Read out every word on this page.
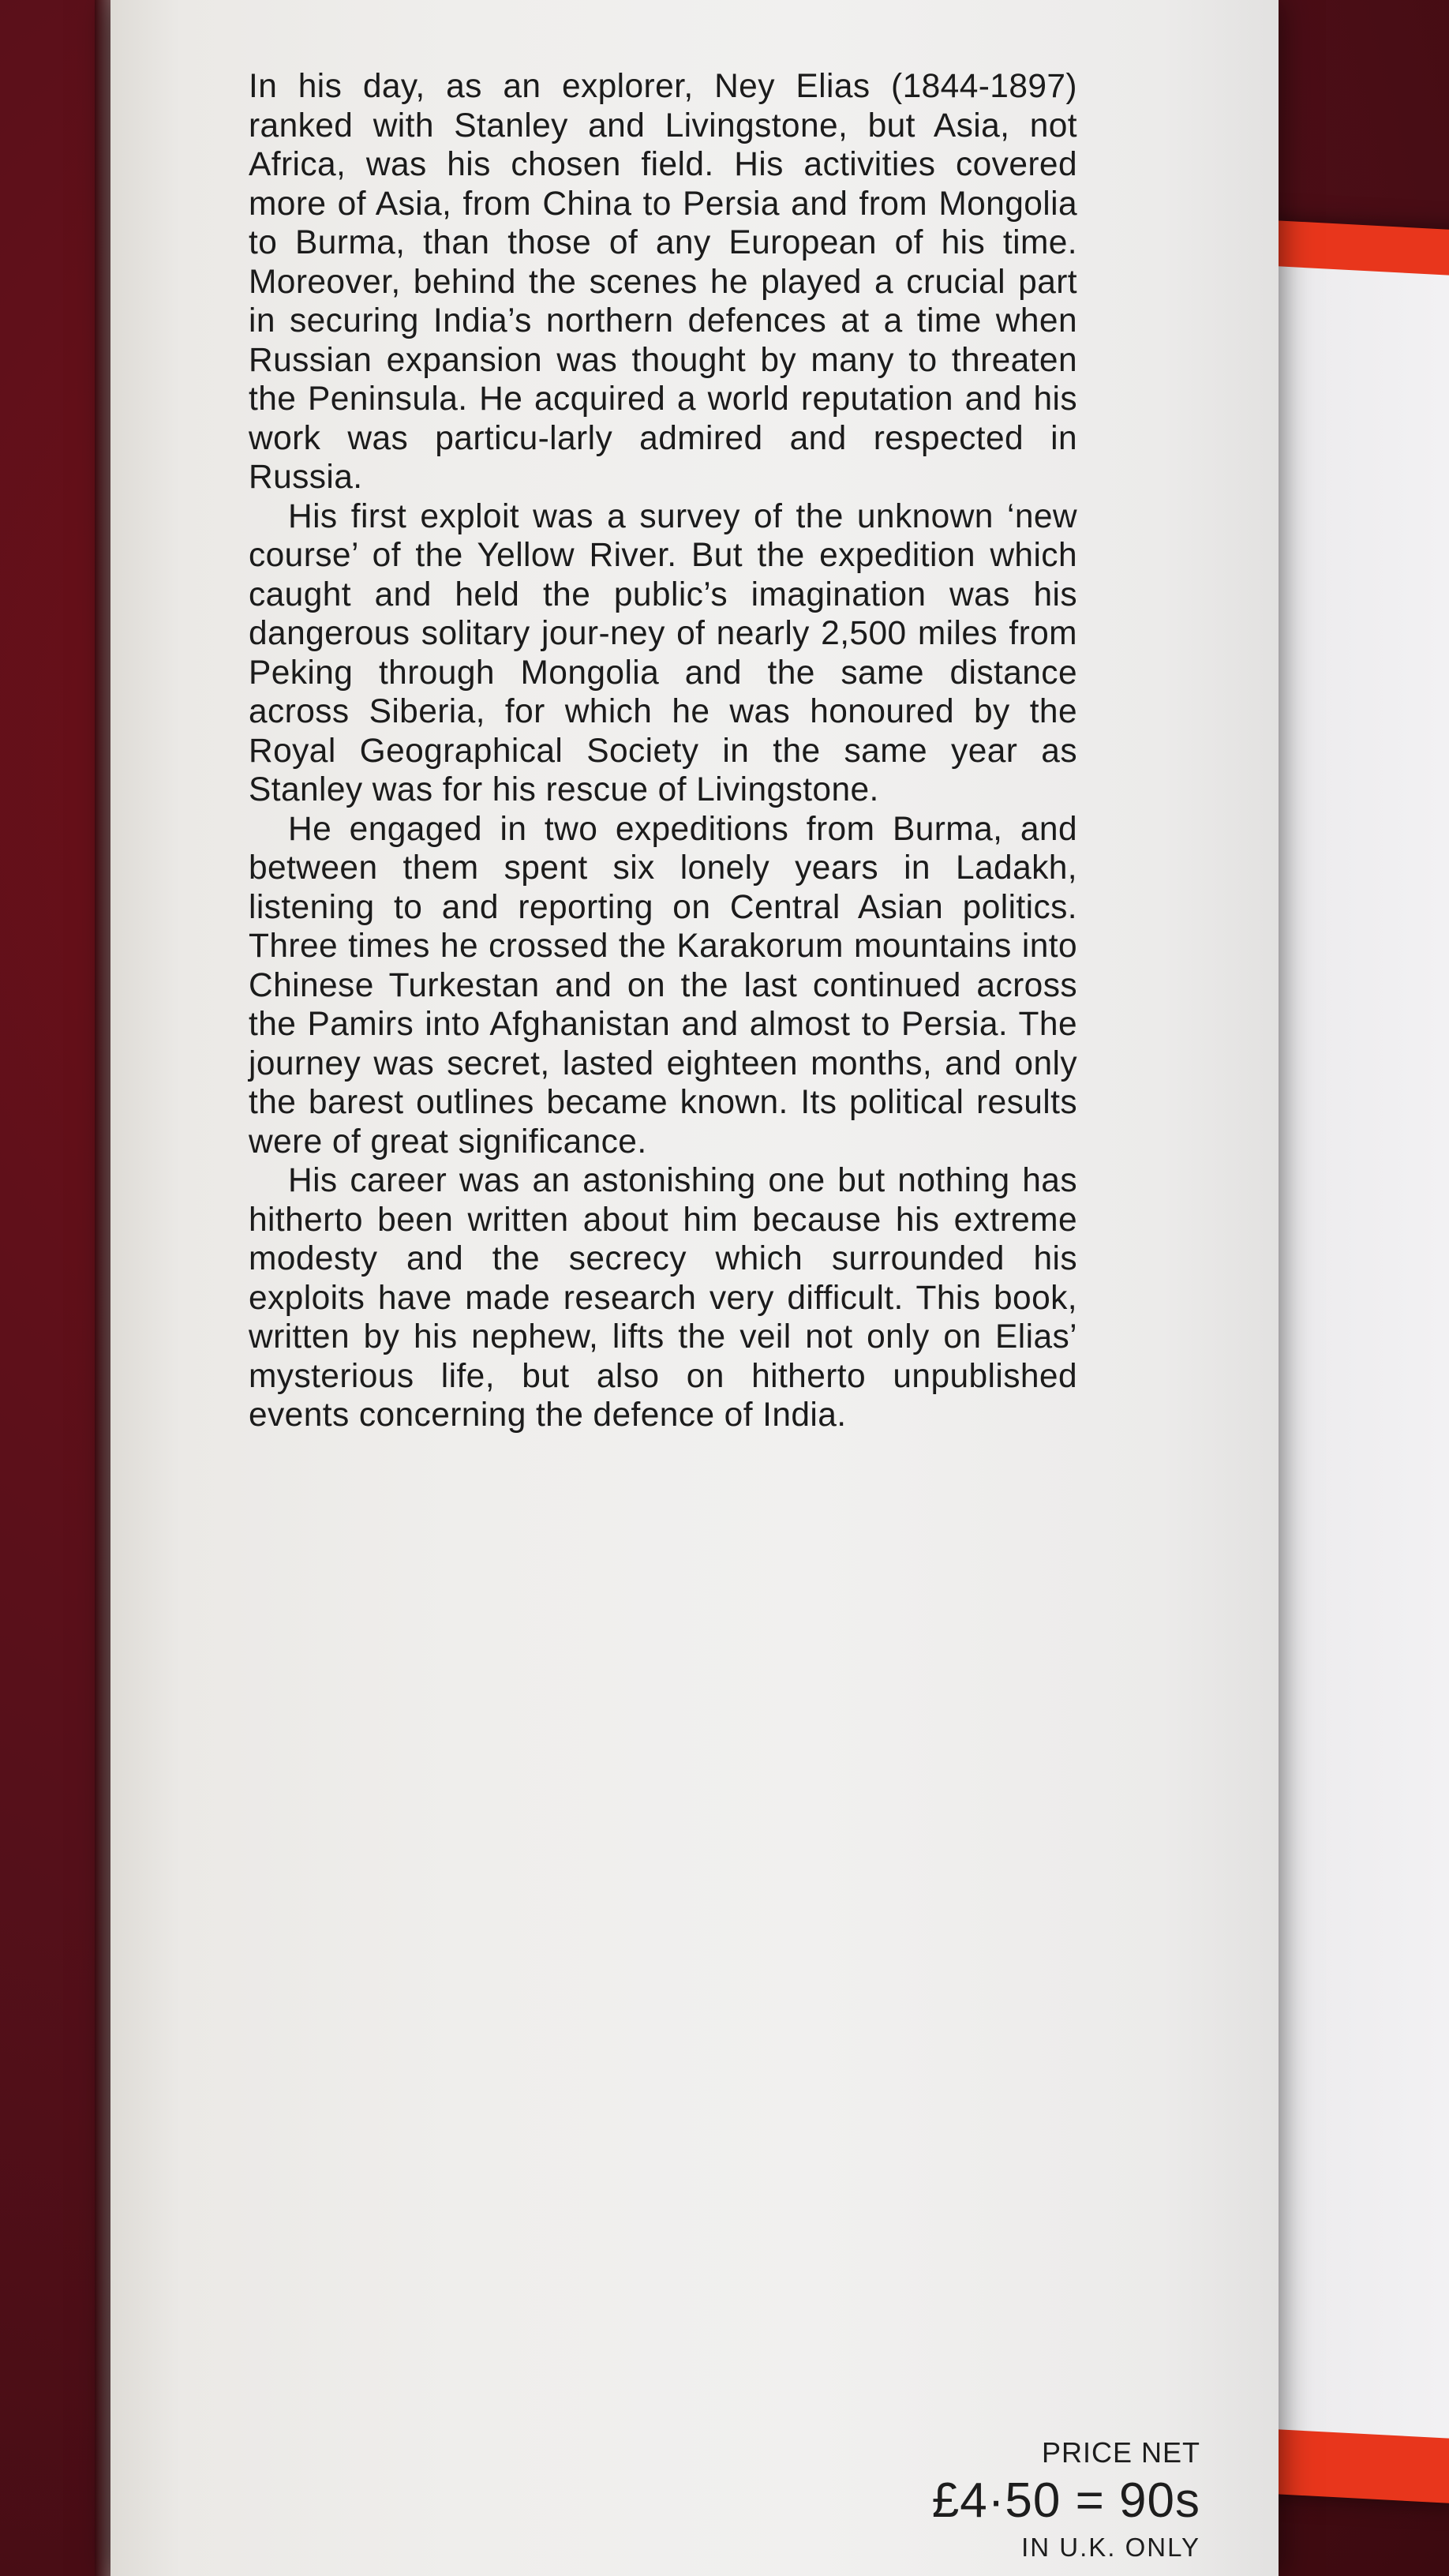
In his day, as an explorer, Ney Elias (1844-1897) ranked with Stanley and Livingstone, but Asia, not Africa, was his chosen field. His activities covered more of Asia, from China to Persia and from Mongolia to Burma, than those of any European of his time. Moreover, behind the scenes he played a crucial part in securing India’s northern defences at a time when Russian expansion was thought by many to threaten the Peninsula. He acquired a world reputation and his work was particu-larly admired and respected in Russia.

His first exploit was a survey of the unknown ‘new course’ of the Yellow River. But the expedition which caught and held the public’s imagination was his dangerous solitary jour-ney of nearly 2,500 miles from Peking through Mongolia and the same distance across Siberia, for which he was honoured by the Royal Geographical Society in the same year as Stanley was for his rescue of Livingstone.

He engaged in two expeditions from Burma, and between them spent six lonely years in Ladakh, listening to and reporting on Central Asian politics. Three times he crossed the Karakorum mountains into Chinese Turkestan and on the last continued across the Pamirs into Afghanistan and almost to Persia. The journey was secret, lasted eighteen months, and only the barest outlines became known. Its political results were of great significance.

His career was an astonishing one but nothing has hitherto been written about him because his extreme modesty and the secrecy which surrounded his exploits have made research very difficult. This book, written by his nephew, lifts the veil not only on Elias’ mysterious life, but also on hitherto unpublished events concerning the defence of India.

PRICE NET
£4·50 = 90s
IN U.K. ONLY
